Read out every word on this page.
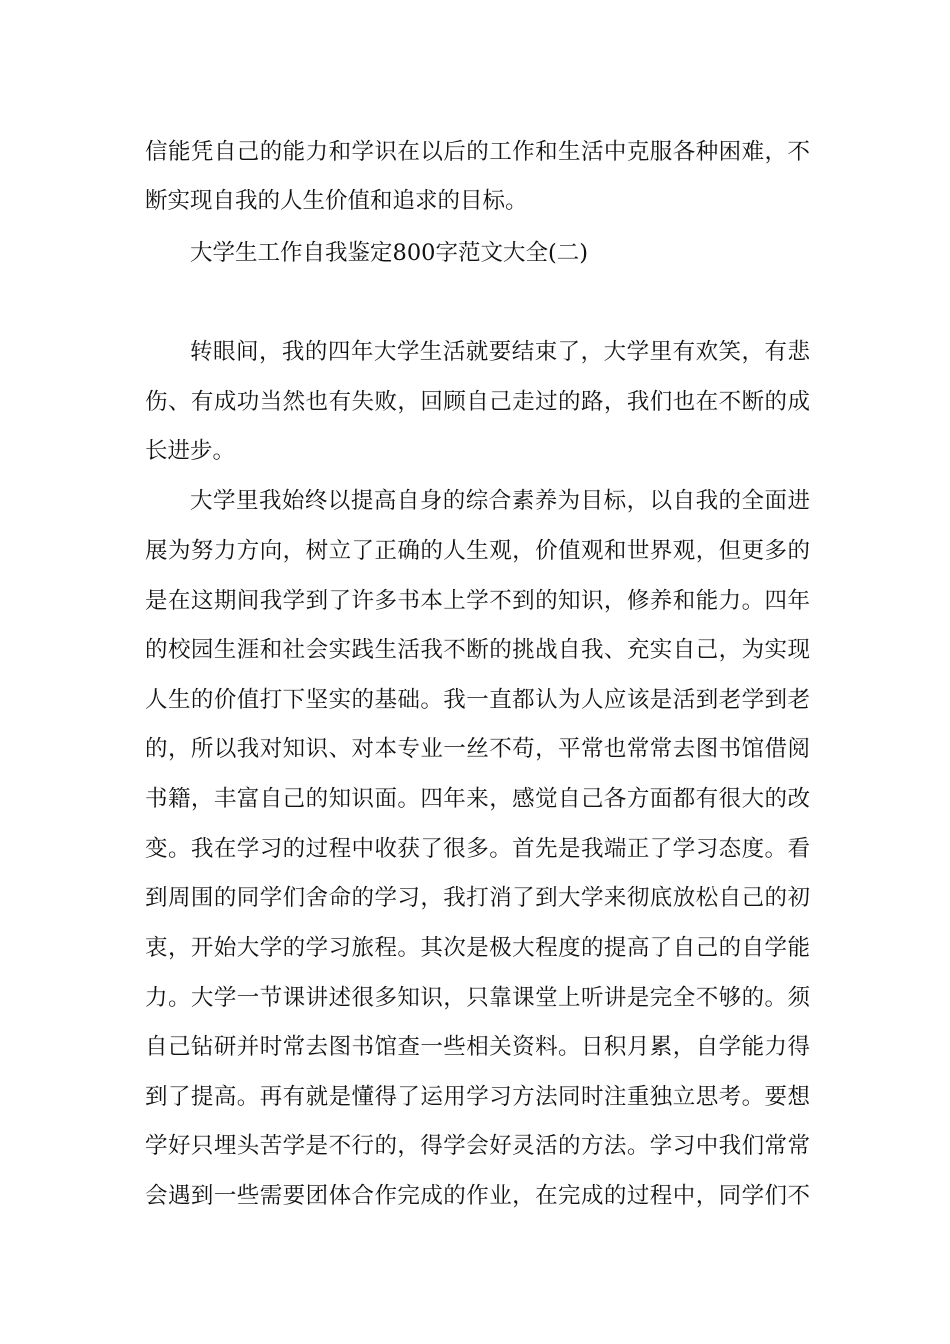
信能凭自己的能力和学识在以后的工作和生活中克服各种困难，不
断实现自我的人生价值和追求的目标。
大学生工作自我鉴定800字范文大全(二)
转眼间，我的四年大学生活就要结束了，大学里有欢笑，有悲
伤、有成功当然也有失败，回顾自己走过的路，我们也在不断的成
长进步。
大学里我始终以提高自身的综合素养为目标，以自我的全面进
展为努力方向，树立了正确的人生观，价值观和世界观，但更多的
是在这期间我学到了许多书本上学不到的知识，修养和能力。四年
的校园生涯和社会实践生活我不断的挑战自我、充实自己，为实现
人生的价值打下坚实的基础。我一直都认为人应该是活到老学到老
的，所以我对知识、对本专业一丝不苟，平常也常常去图书馆借阅
书籍，丰富自己的知识面。四年来，感觉自己各方面都有很大的改
变。我在学习的过程中收获了很多。首先是我端正了学习态度。看
到周围的同学们舍命的学习，我打消了到大学来彻底放松自己的初
衷，开始大学的学习旅程。其次是极大程度的提高了自己的自学能
力。大学一节课讲述很多知识，只靠课堂上听讲是完全不够的。须
自己钻研并时常去图书馆查一些相关资料。日积月累，自学能力得
到了提高。再有就是懂得了运用学习方法同时注重独立思考。要想
学好只埋头苦学是不行的，得学会好灵活的方法。学习中我们常常
会遇到一些需要团体合作完成的作业，在完成的过程中，同学们不
